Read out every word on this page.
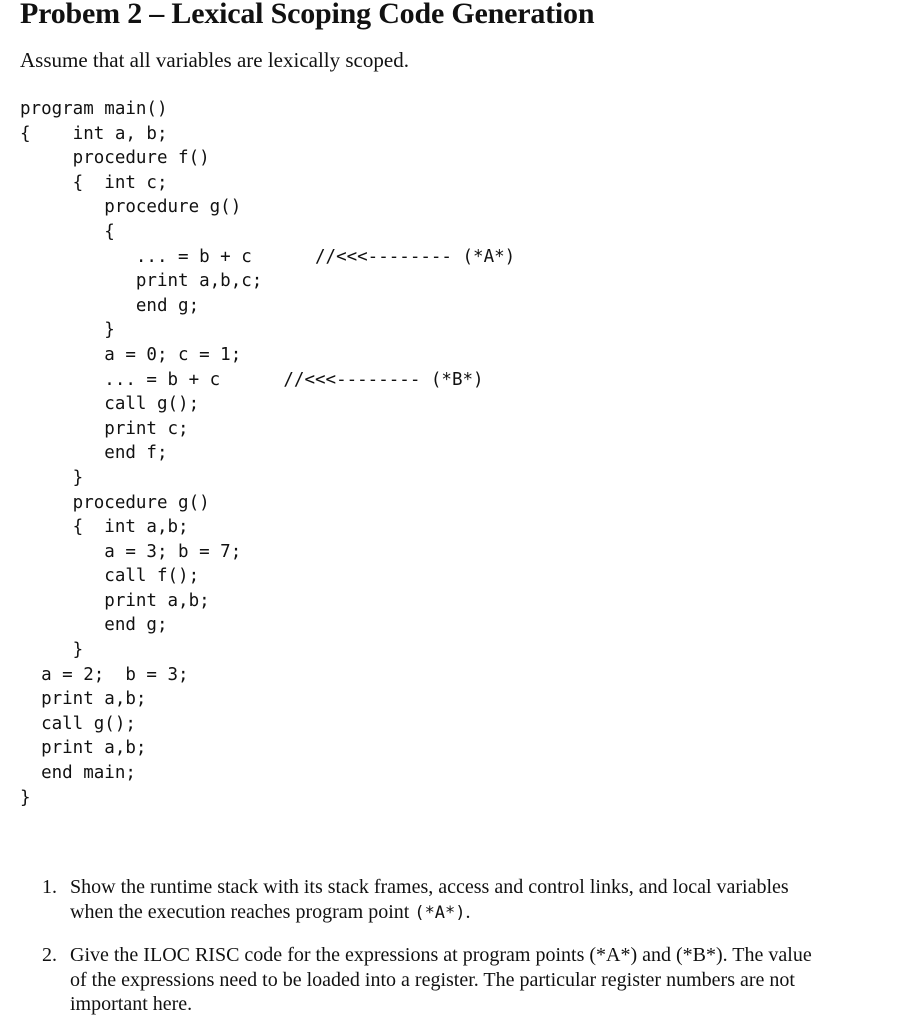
Probem 2 – Lexical Scoping Code Generation

Assume that all variables are lexically scoped.

program main()
{    int a, b;
procedure f()
{  int c;
procedure g()
{
... = b + c      //<<<-------- (*A*)
print a,b,c;
end g;
}
a = 0; c = 1;
... = b + c      //<<<-------- (*B*)
call g();
print c;
end f;
}
procedure g()
{  int a,b;
a = 3; b = 7;
call f();
print a,b;
end g;
}
a = 2;  b = 3;
print a,b;
call g();
print a,b;
end main;
}
1. Show the runtime stack with its stack frames, access and control links, and local variables when the execution reaches program point (*A*).
2. Give the ILOC RISC code for the expressions at program points (*A*) and (*B*). The value of the expressions need to be loaded into a register. The particular register numbers are not important here.
